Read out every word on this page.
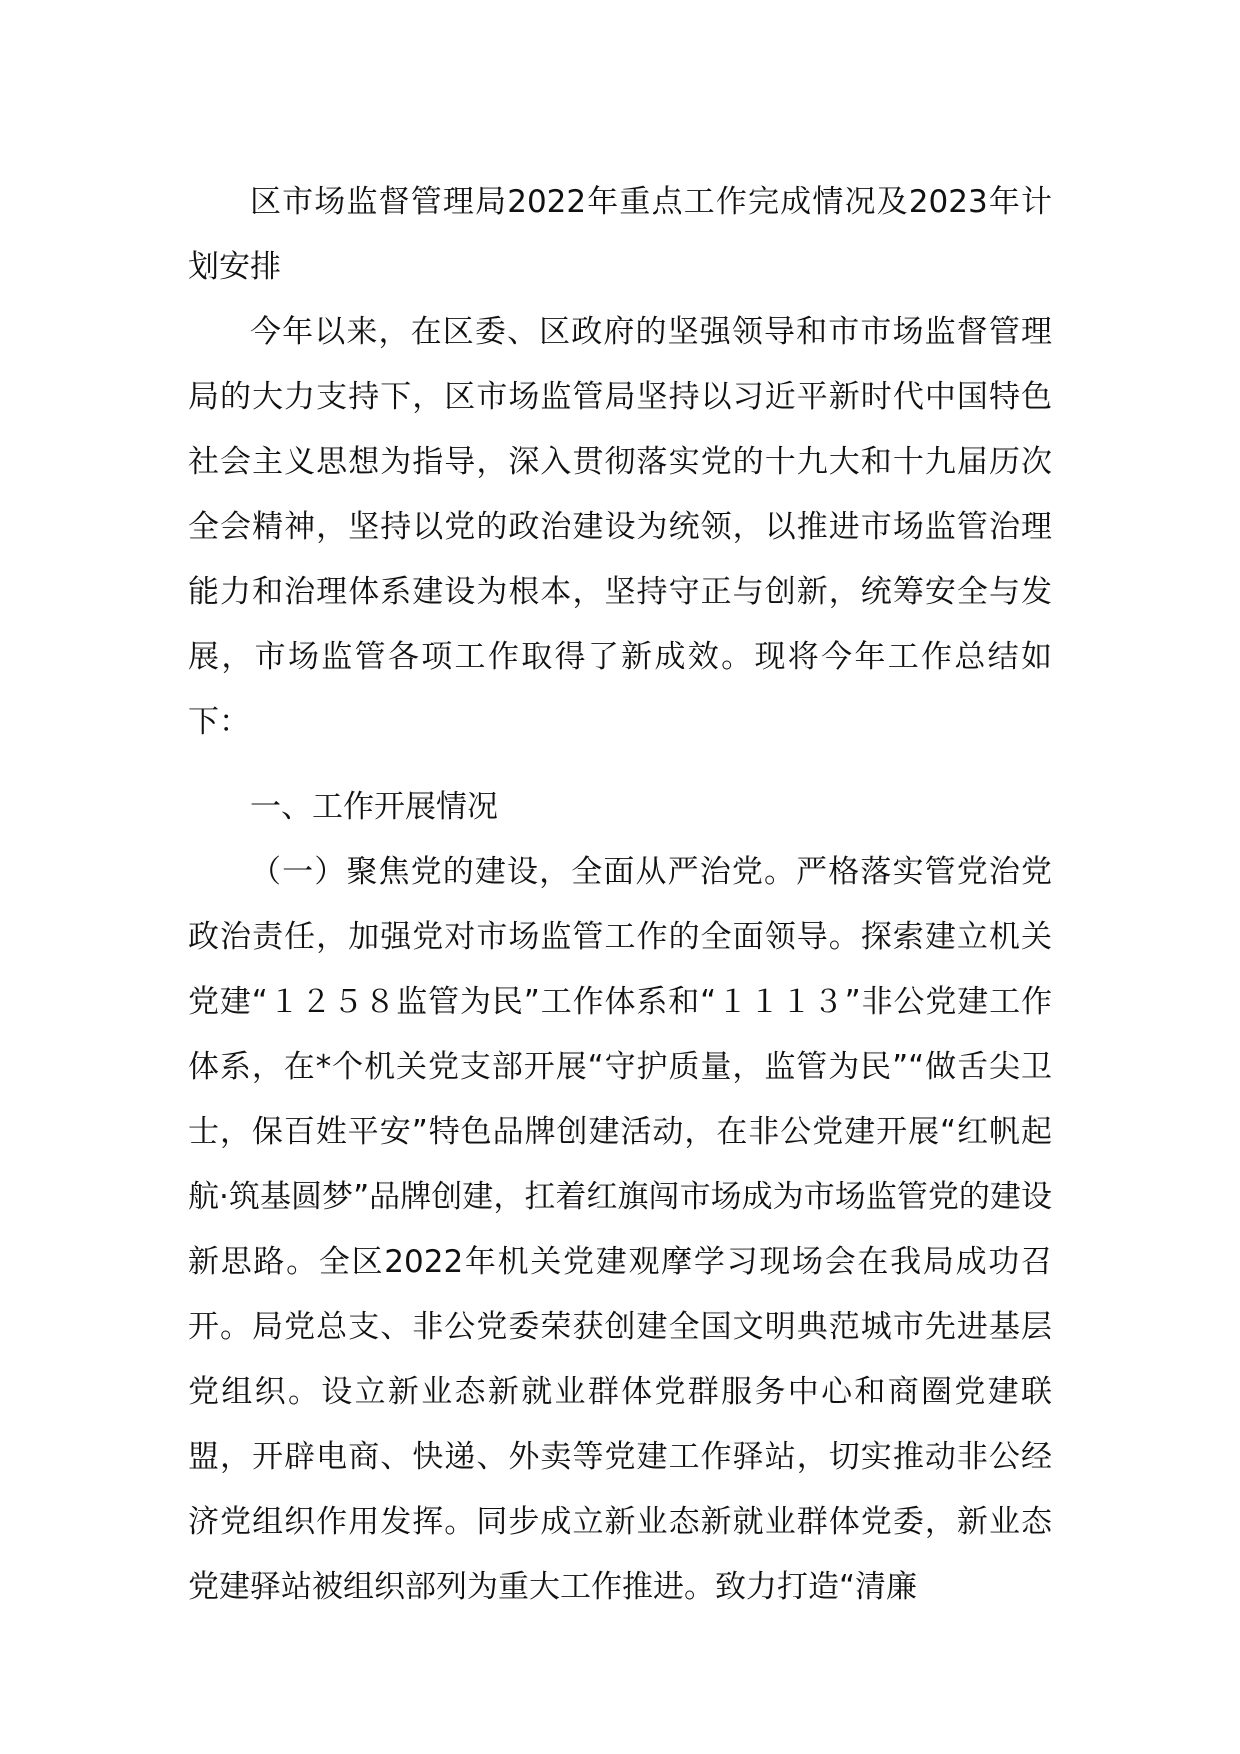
区市场监督管理局2022年重点工作完成情况及2023年计划安排

今年以来，在区委、区政府的坚强领导和市市场监督管理局的大力支持下，区市场监管局坚持以习近平新时代中国特色社会主义思想为指导，深入贯彻落实党的十九大和十九届历次全会精神，坚持以党的政治建设为统领，以推进市场监管治理能力和治理体系建设为根本，坚持守正与创新，统筹安全与发展，市场监管各项工作取得了新成效。现将今年工作总结如下：

一、工作开展情况

（一）聚焦党的建设，全面从严治党。严格落实管党治党政治责任，加强党对市场监管工作的全面领导。探索建立机关党建“１２５８监管为民”工作体系和“１１１３”非公党建工作体系，在*个机关党支部开展“守护质量，监管为民”“做舌尖卫士，保百姓平安”特色品牌创建活动，在非公党建开展“红帆起航·筑基圆梦”品牌创建，扛着红旗闯市场成为市场监管党的建设新思路。全区2022年机关党建观摩学习现场会在我局成功召开。局党总支、非公党委荣获创建全国文明典范城市先进基层党组织。设立新业态新就业群体党群服务中心和商圈党建联盟，开辟电商、快递、外卖等党建工作驿站，切实推动非公经济党组织作用发挥。同步成立新业态新就业群体党委，新业态党建驿站被组织部列为重大工作推进。致力打造“清廉
